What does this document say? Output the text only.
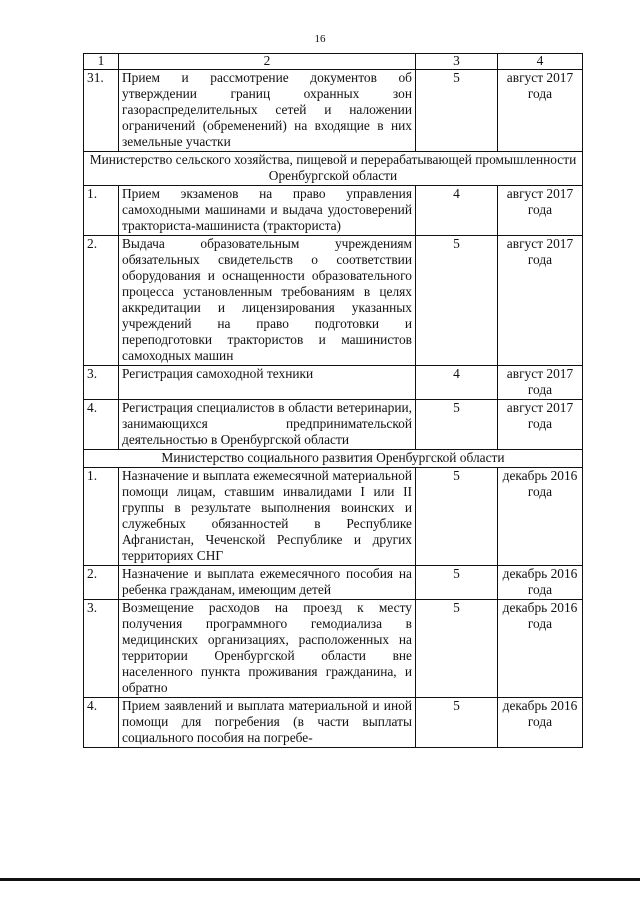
16
1	2	3	4
31.	Прием и рассмотрение документов об утверждении границ охранных зон газораспределительных сетей и наложении ограничений (обременений) на входящие в них земельные участки	5	август 2017 года
Министерство сельского хозяйства, пищевой и перерабатывающей промышленности Оренбургской области			
1.	Прием экзаменов на право управления самоходными машинами и выдача удостоверений тракториста-машиниста (тракториста)	4	август 2017 года
2.	Выдача образовательным учреждениям обязательных свидетельств о соответствии оборудования и оснащенности образовательного процесса установленным требованиям в целях аккредитации и лицензирования указанных учреждений на право подготовки и переподготовки трактористов и машинистов самоходных машин	5	август 2017 года
3.	Регистрация самоходной техники	4	август 2017 года
4.	Регистрация специалистов в области ветеринарии, занимающихся предпринимательской деятельностью в Оренбургской области	5	август 2017 года
Министерство социального развития Оренбургской области			
1.	Назначение и выплата ежемесячной материальной помощи лицам, ставшим инвалидами I или II группы в результате выполнения воинских и служебных обязанностей в Республике Афганистан, Чеченской Республике и других территориях СНГ	5	декабрь 2016 года
2.	Назначение и выплата ежемесячного пособия на ребенка гражданам, имеющим детей	5	декабрь 2016 года
3.	Возмещение расходов на проезд к месту получения программного гемодиализа в медицинских организациях, расположенных на территории Оренбургской области вне населенного пункта проживания гражданина, и обратно	5	декабрь 2016 года
4.	Прием заявлений и выплата материальной и иной помощи для погребения (в части выплаты социального пособия на погребе-	5	декабрь 2016 года
